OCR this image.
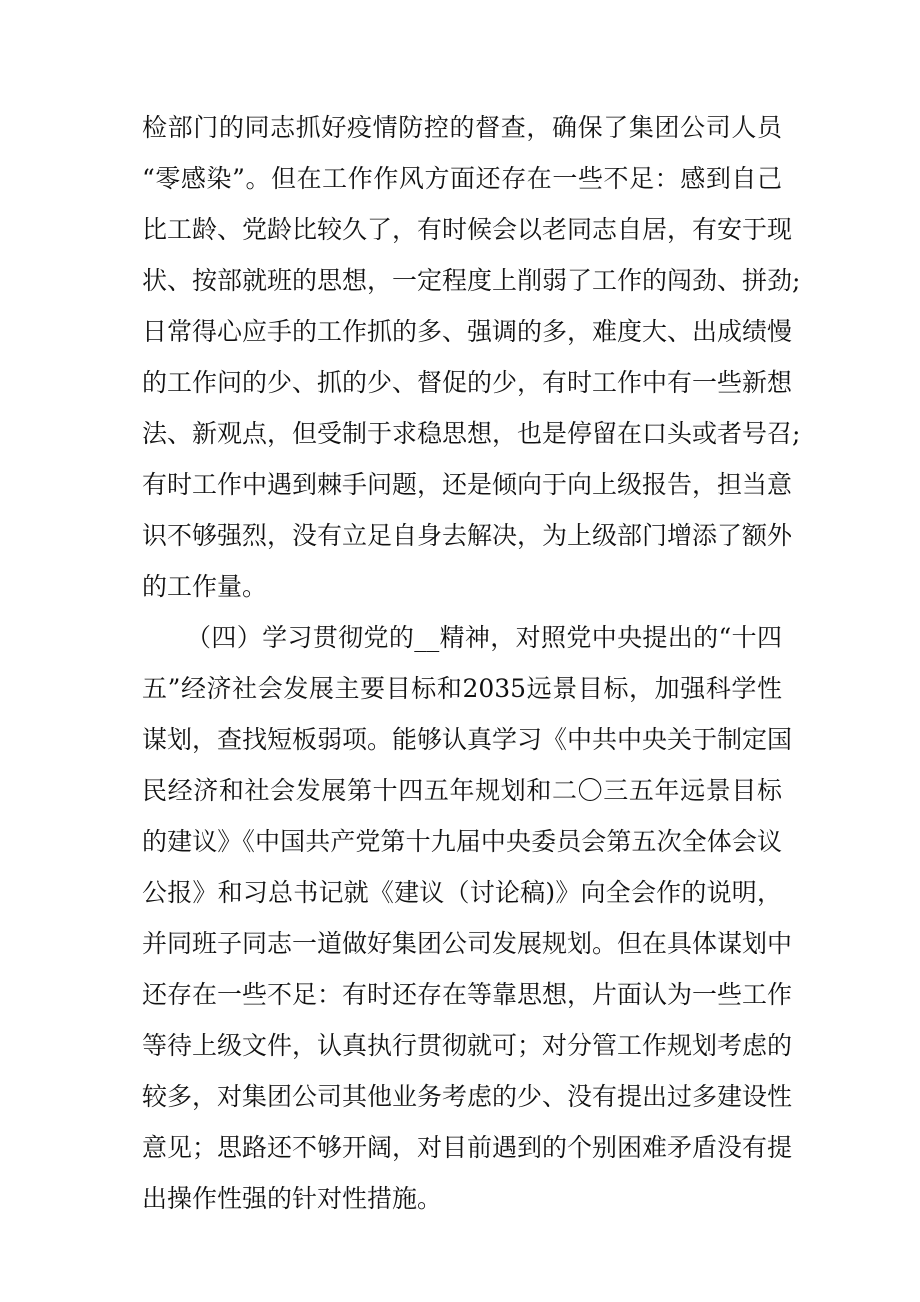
检部门的同志抓好疫情防控的督查，确保了集团公司人员
“零感染”。但在工作作风方面还存在一些不足：感到自己
比工龄、党龄比较久了，有时候会以老同志自居，有安于现
状、按部就班的思想，一定程度上削弱了工作的闯劲、拼劲;
日常得心应手的工作抓的多、强调的多，难度大、出成绩慢
的工作问的少、抓的少、督促的少，有时工作中有一些新想
法、新观点，但受制于求稳思想，也是停留在口头或者号召;
有时工作中遇到棘手问题，还是倾向于向上级报告，担当意
识不够强烈，没有立足自身去解决，为上级部门增添了额外
的工作量。
（四）学习贯彻党的__精神，对照党中央提出的“十四
五”经济社会发展主要目标和2035远景目标，加强科学性
谋划，查找短板弱项。能够认真学习《中共中央关于制定国
民经济和社会发展第十四五年规划和二〇三五年远景目标
的建议》《中国共产党第十九届中央委员会第五次全体会议
公报》和习总书记就《建议（讨论稿)》向全会作的说明，
并同班子同志一道做好集团公司发展规划。但在具体谋划中
还存在一些不足：有时还存在等靠思想，片面认为一些工作
等待上级文件，认真执行贯彻就可；对分管工作规划考虑的
较多，对集团公司其他业务考虑的少、没有提出过多建设性
意见；思路还不够开阔，对目前遇到的个别困难矛盾没有提
出操作性强的针对性措施。
